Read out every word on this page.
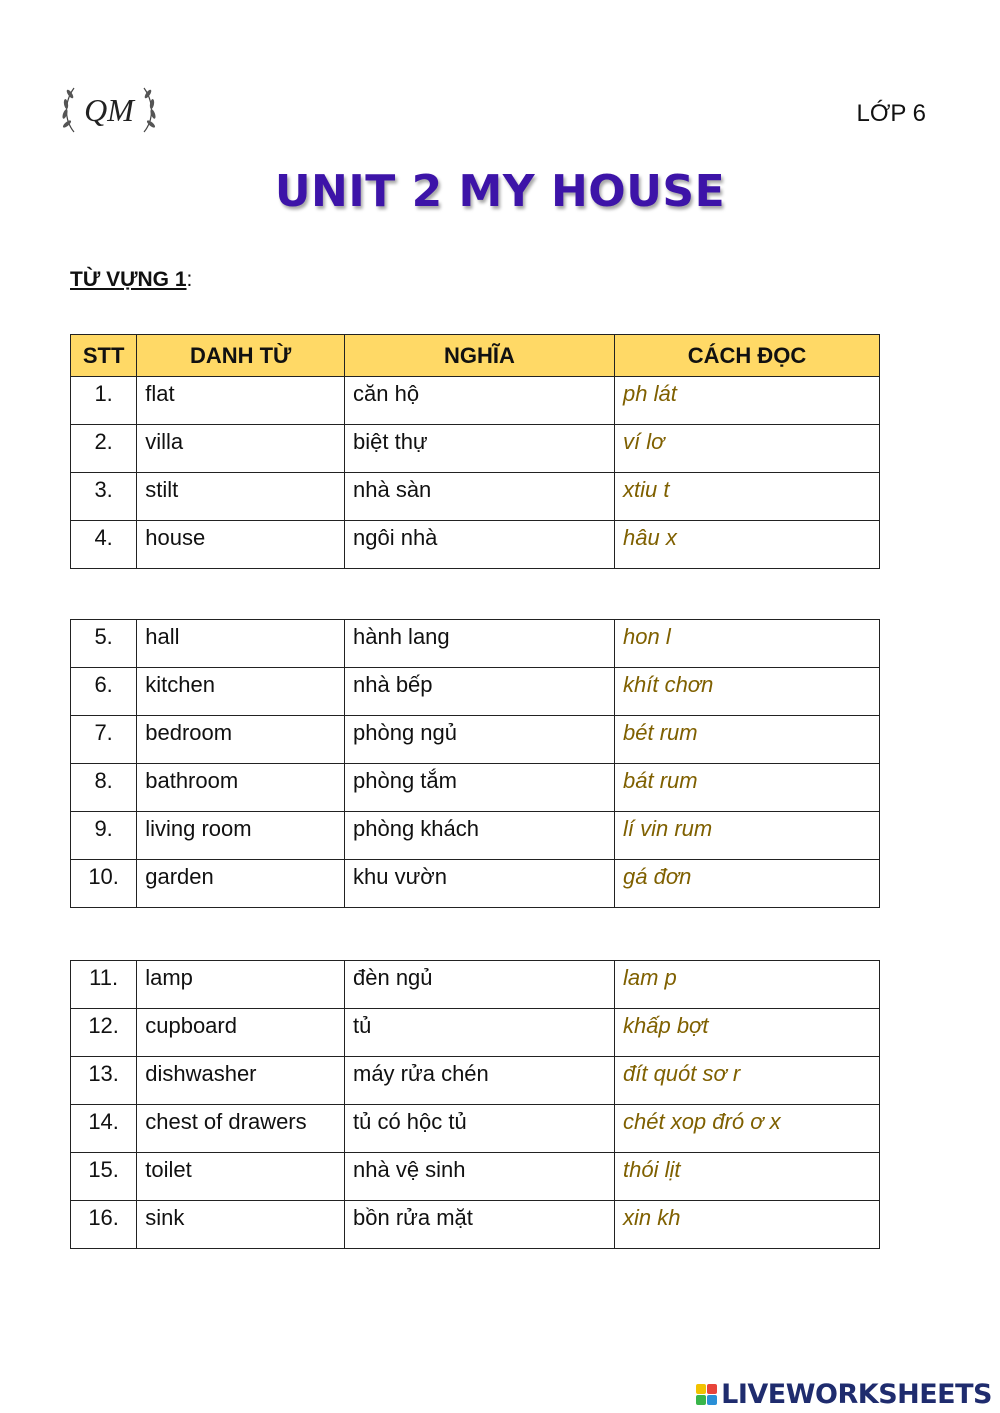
QM	LỚP 6
UNIT 2 MY HOUSE
TỪ VỰNG 1:
STT	DANH TỪ	NGHĨA	CÁCH ĐỌC
1.	flat	căn hộ	ph lát
2.	villa	biệt thự	ví lơ
3.	stilt	nhà sàn	xtiu t
4.	house	ngôi nhà	hâu x
5.	hall	hành lang	hon l
6.	kitchen	nhà bếp	khít chơn
7.	bedroom	phòng ngủ	bét rum
8.	bathroom	phòng tắm	bát rum
9.	living room	phòng khách	lí vin rum
10.	garden	khu vườn	gá đơn
11.	lamp	đèn ngủ	lam p
12.	cupboard	tủ	khấp bợt
13.	dishwasher	máy rửa chén	đít quót sơ r
14.	chest of drawers	tủ có hộc tủ	chét xop đró ơ x
15.	toilet	nhà vệ sinh	thói lịt
16.	sink	bồn rửa mặt	xin kh
LIVEWORKSHEETS
